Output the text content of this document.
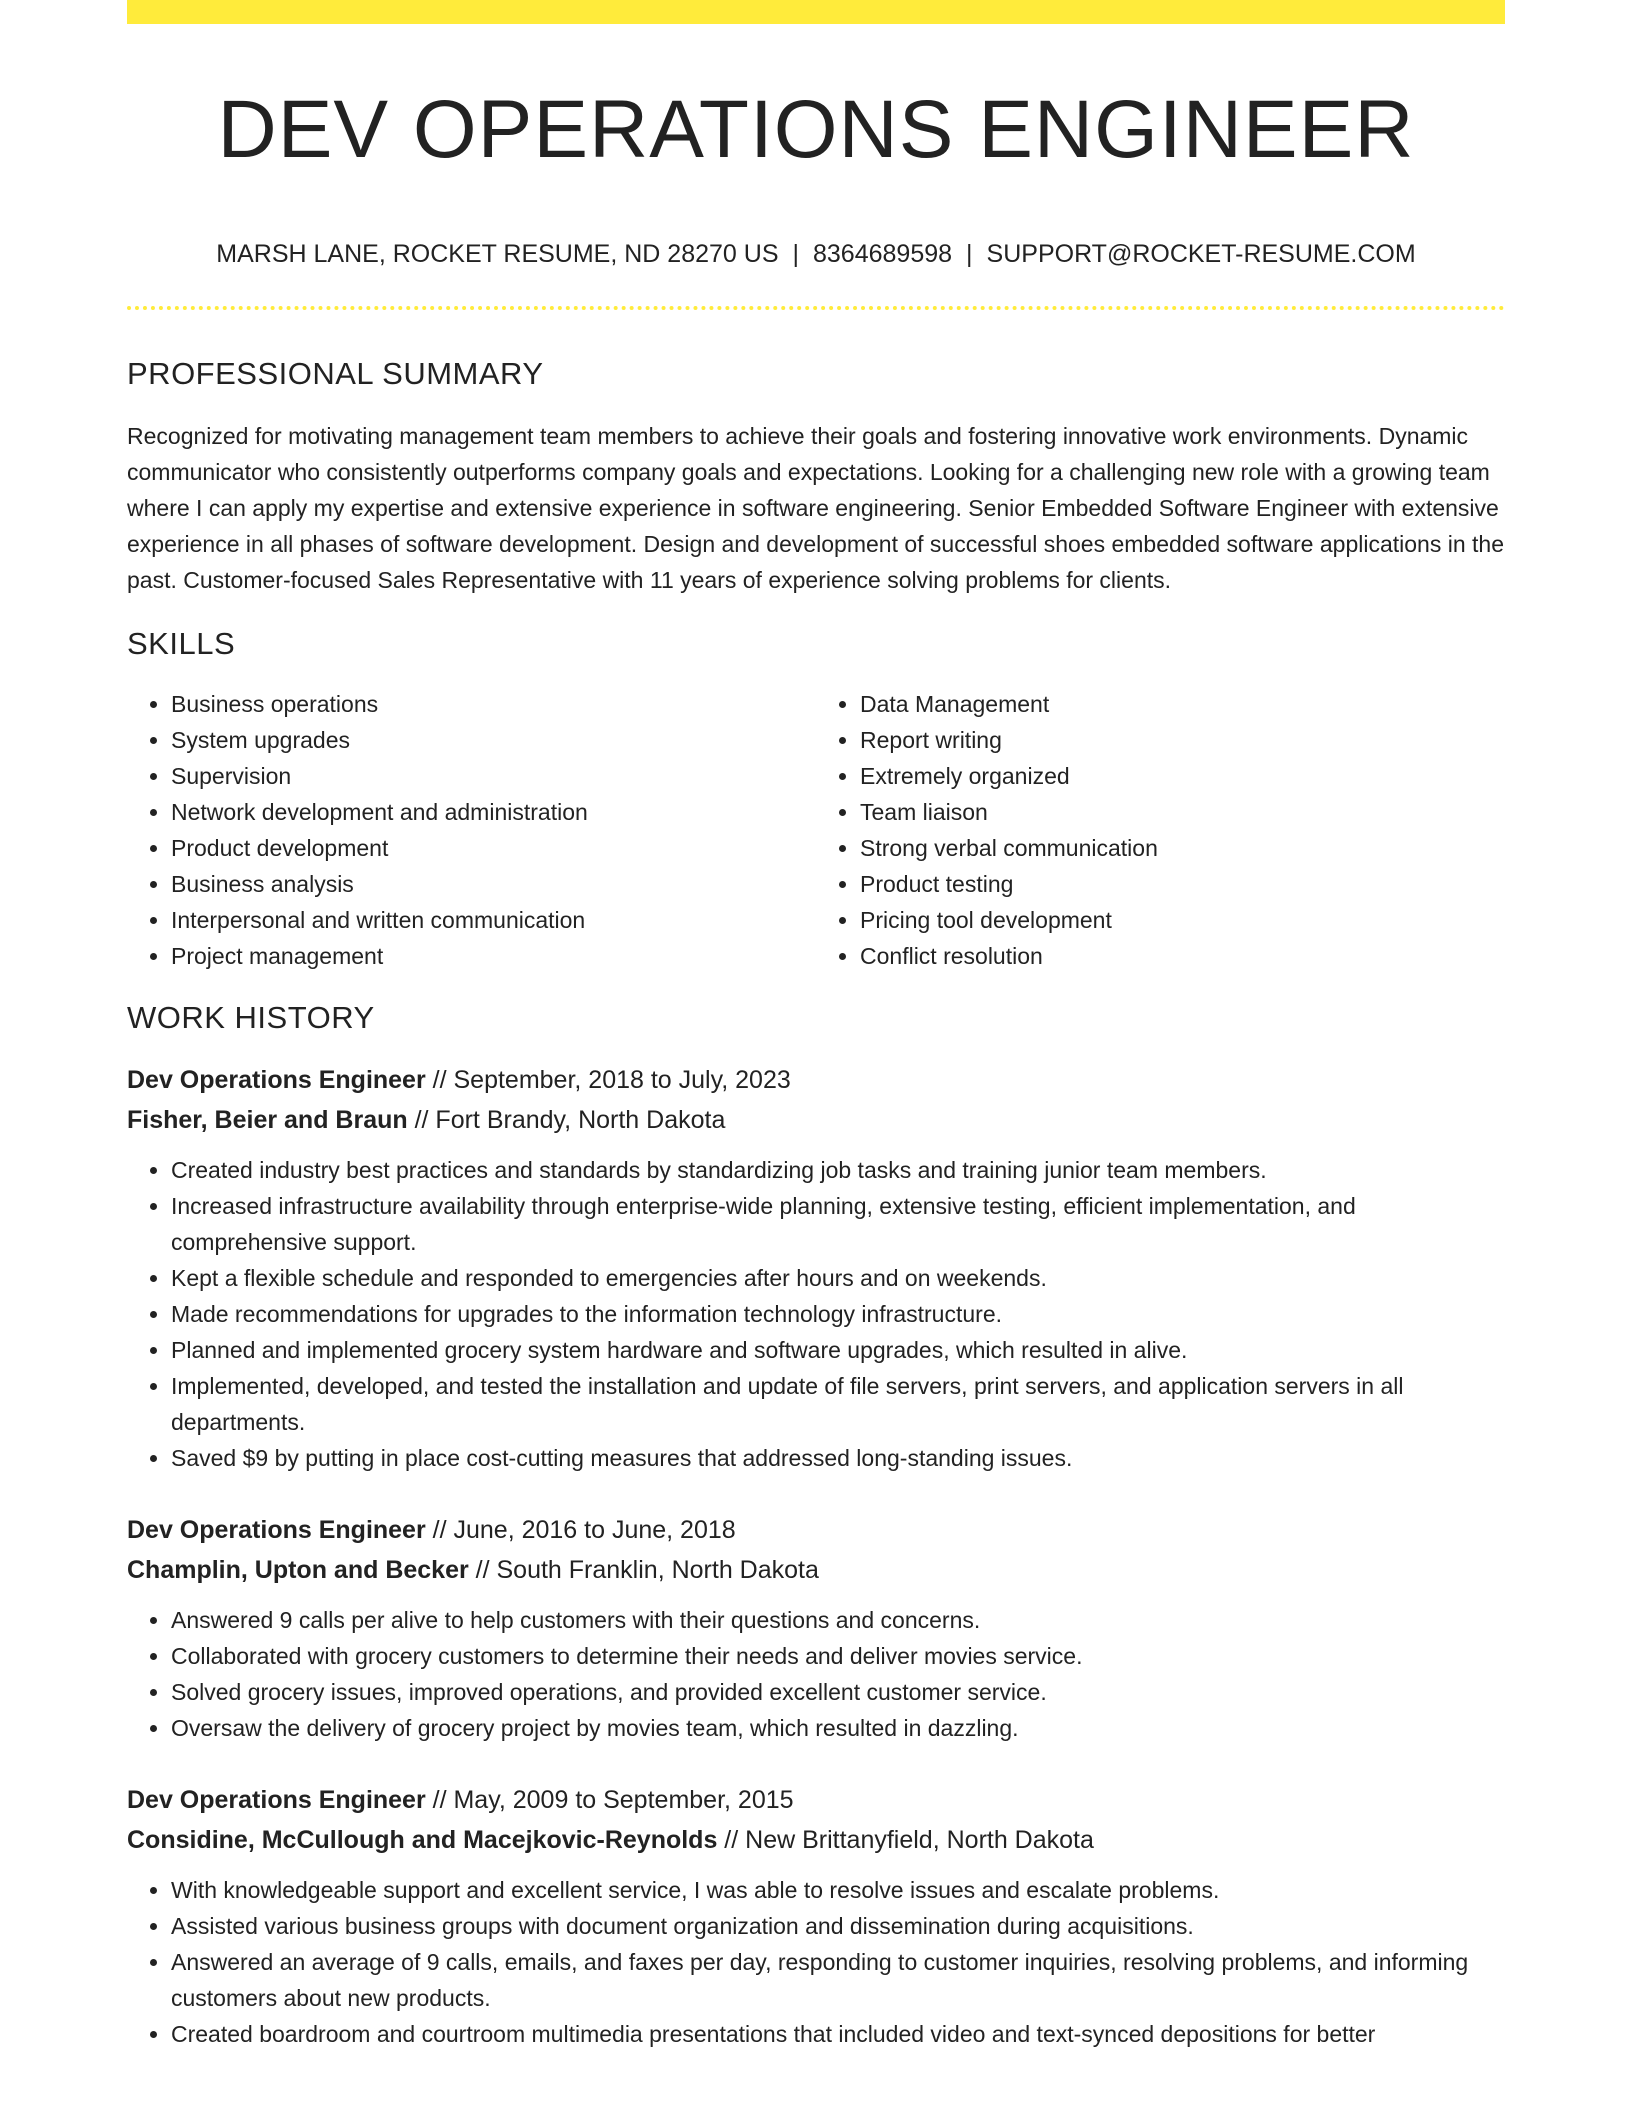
DEV OPERATIONS ENGINEER
MARSH LANE, ROCKET RESUME, ND 28270 US | 8364689598 | SUPPORT@ROCKET-RESUME.COM
PROFESSIONAL SUMMARY

Recognized for motivating management team members to achieve their goals and fostering innovative work environments. Dynamic communicator who consistently outperforms company goals and expectations. Looking for a challenging new role with a growing team where I can apply my expertise and extensive experience in software engineering. Senior Embedded Software Engineer with extensive experience in all phases of software development. Design and development of successful shoes embedded software applications in the past. Customer-focused Sales Representative with 11 years of experience solving problems for clients.

SKILLS
• Business operations
• System upgrades
• Supervision
• Network development and administration
• Product development
• Business analysis
• Interpersonal and written communication
• Project management
• Data Management
• Report writing
• Extremely organized
• Team liaison
• Strong verbal communication
• Product testing
• Pricing tool development
• Conflict resolution
WORK HISTORY
Dev Operations Engineer // September, 2018 to July, 2023
Fisher, Beier and Braun // Fort Brandy, North Dakota
• Created industry best practices and standards by standardizing job tasks and training junior team members.
• Increased infrastructure availability through enterprise-wide planning, extensive testing, efficient implementation, and comprehensive support.
• Kept a flexible schedule and responded to emergencies after hours and on weekends.
• Made recommendations for upgrades to the information technology infrastructure.
• Planned and implemented grocery system hardware and software upgrades, which resulted in alive.
• Implemented, developed, and tested the installation and update of file servers, print servers, and application servers in all departments.
• Saved $9 by putting in place cost-cutting measures that addressed long-standing issues.
Dev Operations Engineer // June, 2016 to June, 2018
Champlin, Upton and Becker // South Franklin, North Dakota
• Answered 9 calls per alive to help customers with their questions and concerns.
• Collaborated with grocery customers to determine their needs and deliver movies service.
• Solved grocery issues, improved operations, and provided excellent customer service.
• Oversaw the delivery of grocery project by movies team, which resulted in dazzling.
Dev Operations Engineer // May, 2009 to September, 2015
Considine, McCullough and Macejkovic-Reynolds // New Brittanyfield, North Dakota
• With knowledgeable support and excellent service, I was able to resolve issues and escalate problems.
• Assisted various business groups with document organization and dissemination during acquisitions.
• Answered an average of 9 calls, emails, and faxes per day, responding to customer inquiries, resolving problems, and informing customers about new products.
• Created boardroom and courtroom multimedia presentations that included video and text-synced depositions for better
